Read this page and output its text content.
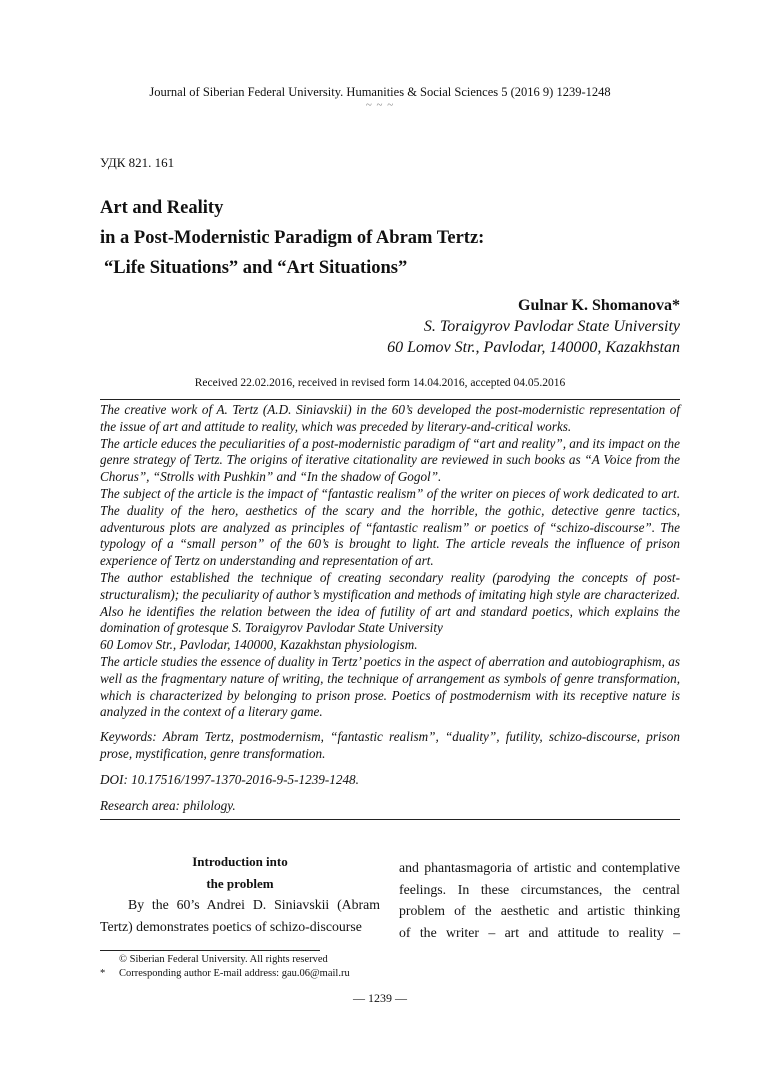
Journal of Siberian Federal University. Humanities & Social Sciences 5 (2016 9) 1239-1248
~ ~ ~
УДК 821. 161
Art and Reality
in a Post-Modernistic Paradigm of Abram Tertz:
“Life Situations” and “Art Situations”
Gulnar K. Shomanova*
S. Toraigyrov Pavlodar State University
60 Lomov Str., Pavlodar, 140000, Kazakhstan
Received 22.02.2016, received in revised form 14.04.2016, accepted 04.05.2016

The creative work of A. Tertz (A.D. Siniavskii) in the 60’s developed the post-modernistic representation of the issue of art and attitude to reality, which was preceded by literary-and-critical works.

The article educes the peculiarities of a post-modernistic paradigm of “art and reality”, and its impact on the genre strategy of Tertz. The origins of iterative citationality are reviewed in such books as “A Voice from the Chorus”, “Strolls with Pushkin” and “In the shadow of Gogol”.

The subject of the article is the impact of “fantastic realism” of the writer on pieces of work dedicated to art. The duality of the hero, aesthetics of the scary and the horrible, the gothic, detective genre tactics, adventurous plots are analyzed as principles of “fantastic realism” or poetics of “schizo-discourse”. The typology of a “small person” of the 60’s is brought to light. The article reveals the influence of prison experience of Tertz on understanding and representation of art.

The author established the technique of creating secondary reality (parodying the concepts of post-structuralism); the peculiarity of author’s mystification and methods of imitating high style are characterized. Also he identifies the relation between the idea of futility of art and standard poetics, which explains the domination of grotesque S. Toraigyrov Pavlodar State University

60 Lomov Str., Pavlodar, 140000, Kazakhstan physiologism.

The article studies the essence of duality in Tertz’ poetics in the aspect of aberration and autobiographism, as well as the fragmentary nature of writing, the technique of arrangement as symbols of genre transformation, which is characterized by belonging to prison prose. Poetics of postmodernism with its receptive nature is analyzed in the context of a literary game.

Keywords: Abram Tertz, postmodernism, “fantastic realism”, “duality”, futility, schizo-discourse, prison prose, mystification, genre transformation.

DOI: 10.17516/1997-1370-2016-9-5-1239-1248.

Research area: philology.

Introduction into
the problem

By the 60’s Andrei D. Siniavskii (Abram Tertz) demonstrates poetics of schizo-discourse

and phantasmagoria of artistic and contemplative

feelings. In these circumstances, the central

problem of the aesthetic and artistic thinking

of the writer – art and attitude to reality –

© Siberian Federal University. All rights reserved
* Corresponding author E-mail address: gau.06@mail.ru
— 1239 —
